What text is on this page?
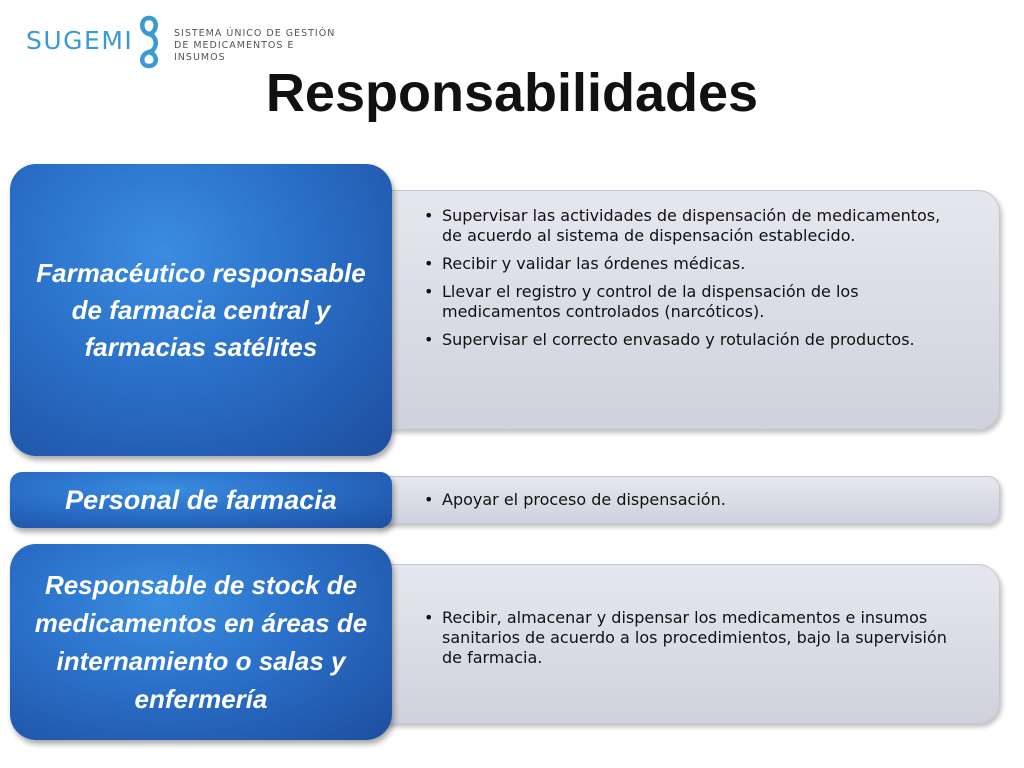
SUGEMI	SISTEMA ÚNICO DE GESTIÓN
DE MEDICAMENTOS E INSUMOS
Responsabilidades
• Supervisar las actividades de dispensación de medicamentos, de acuerdo al sistema de dispensación establecido.
• Recibir y validar las órdenes médicas.
• Llevar el registro y control de la dispensación de los medicamentos controlados (narcóticos).
• Supervisar el correcto envasado y rotulación de productos.
Farmacéutico responsable de farmacia central y farmacias satélites
• Apoyar el proceso de dispensación.
Personal de farmacia
• Recibir, almacenar y dispensar los medicamentos e insumos sanitarios de acuerdo a los procedimientos, bajo la supervisión de farmacia.
Responsable de stock de medicamentos en áreas de internamiento o salas y enfermería
